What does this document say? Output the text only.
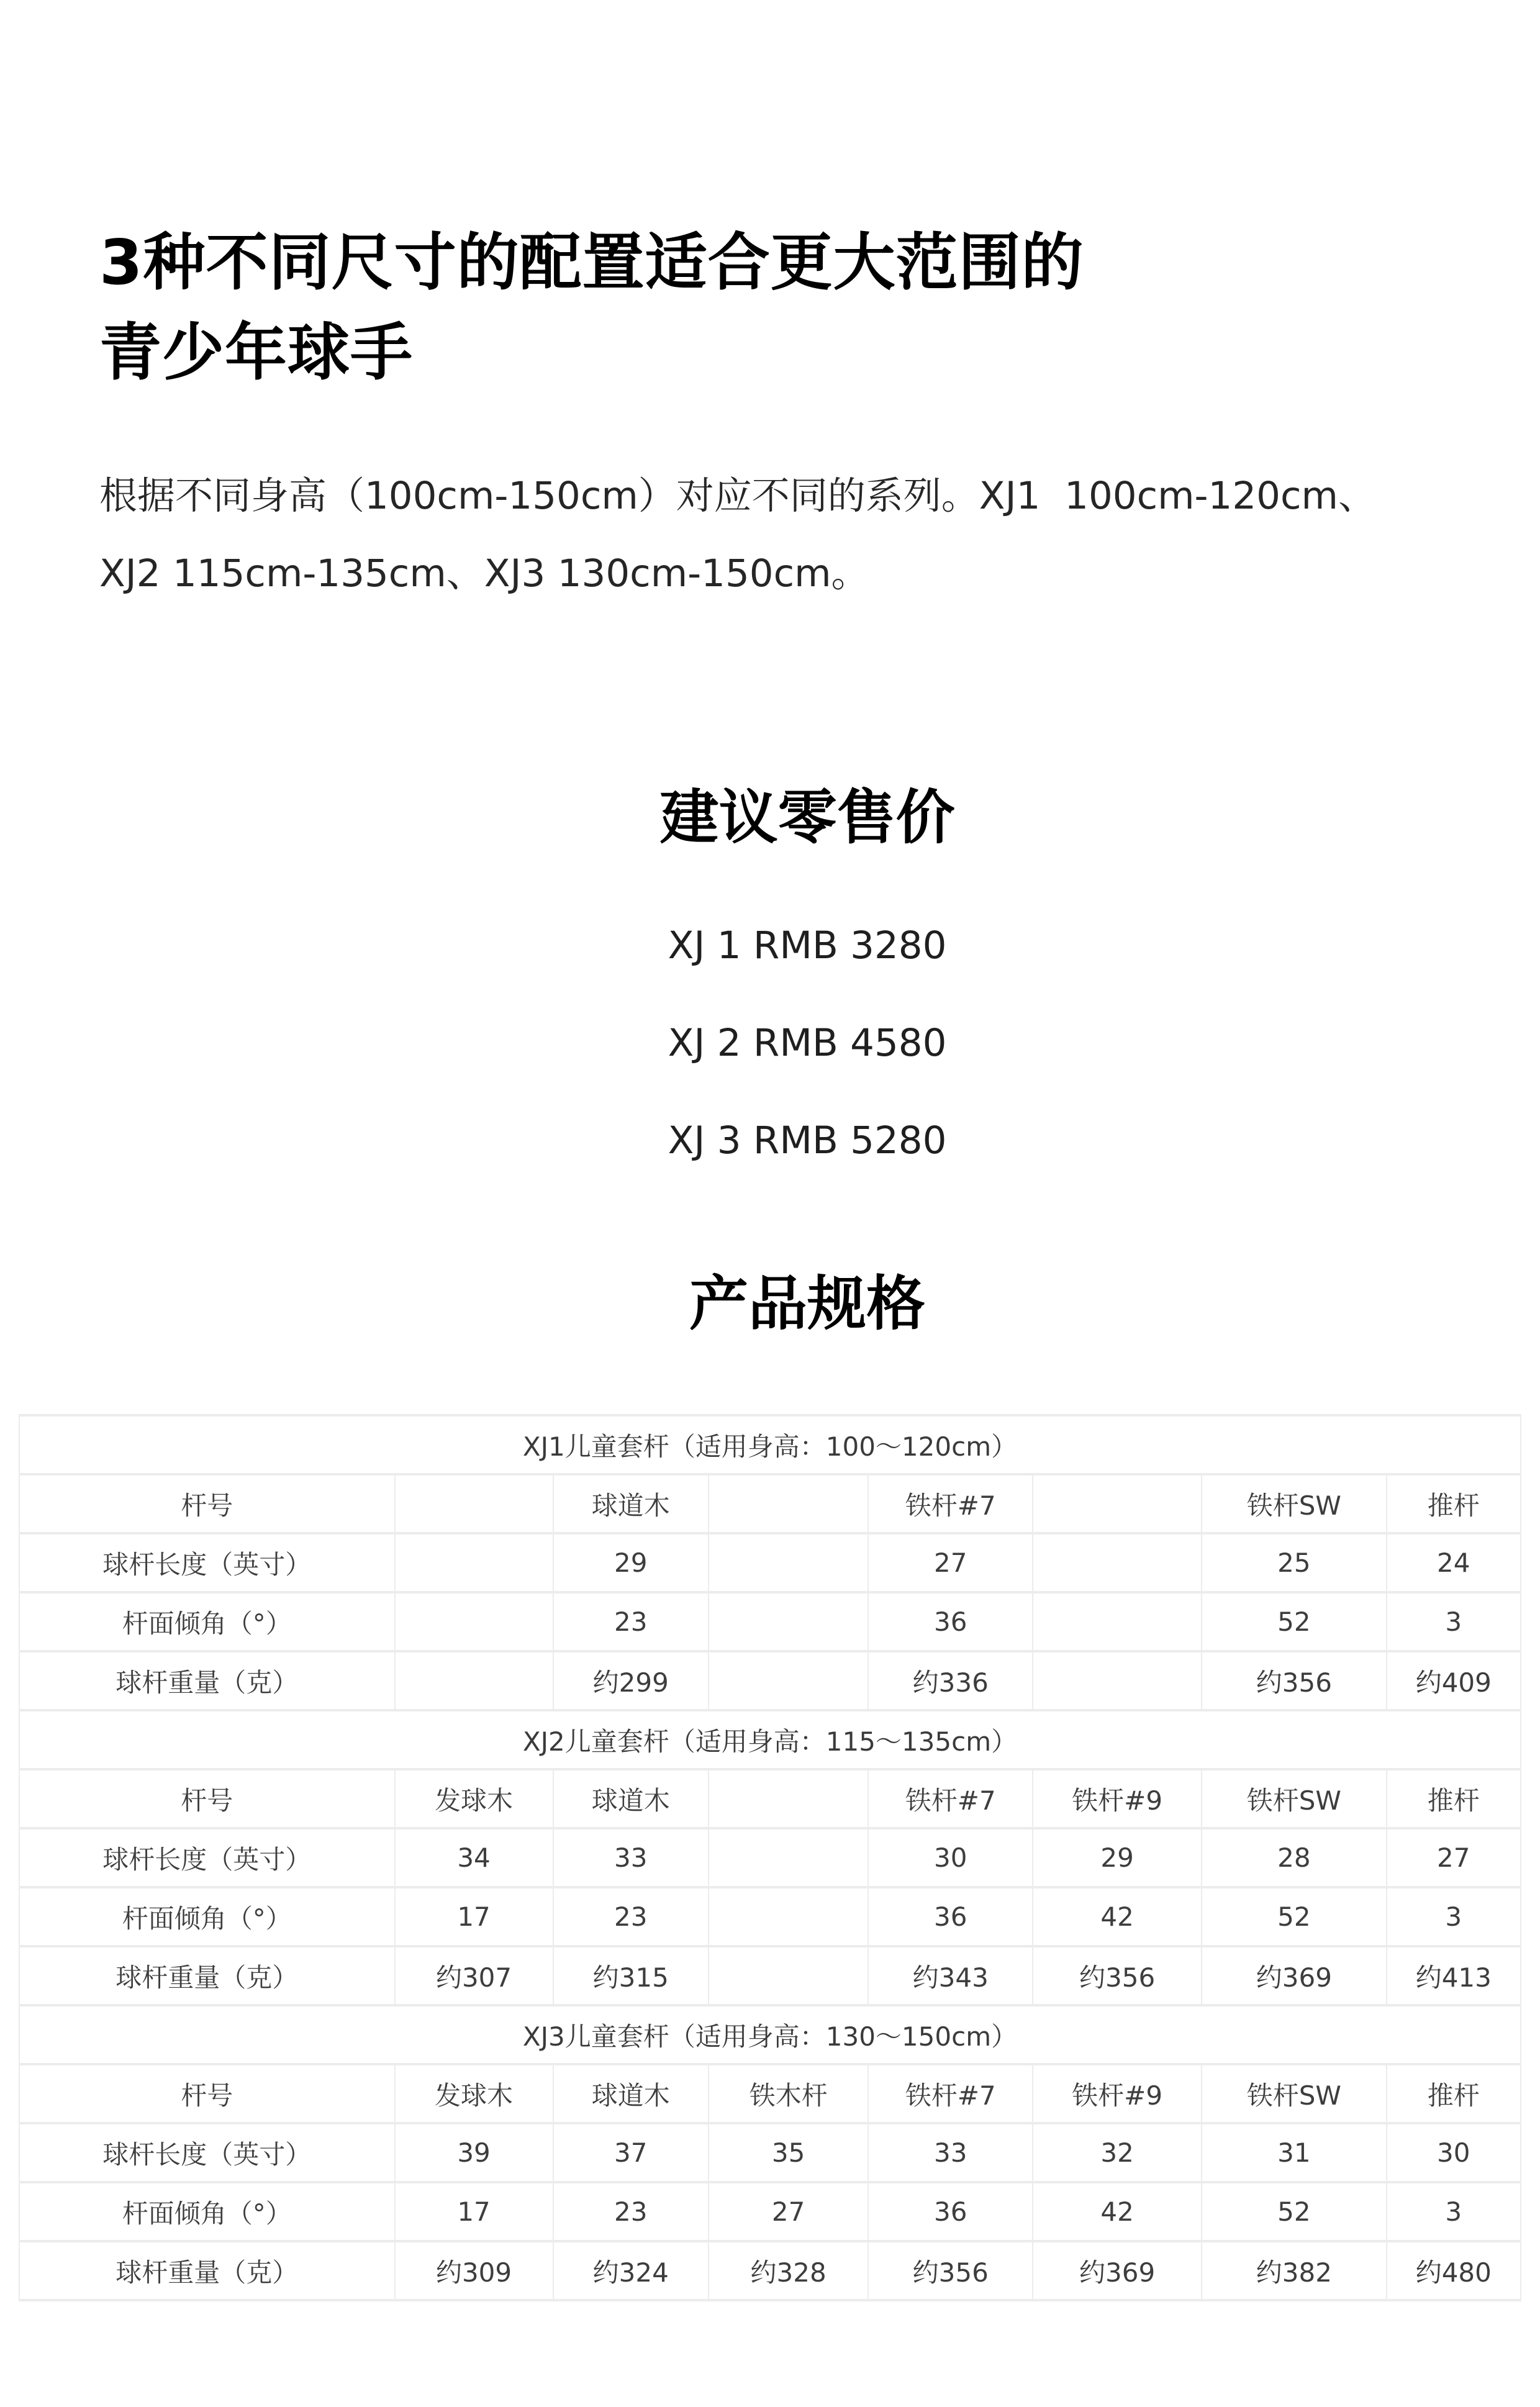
3种不同尺寸的配置适合更大范围的
青少年球手

根据不同身高（100cm-150cm）对应不同的系列。XJ1  100cm-120cm、
XJ2 115cm-135cm、XJ3 130cm-150cm。

建议零售价
XJ 1 RMB 3280
XJ 2 RMB 4580
XJ 3 RMB 5280
产品规格
XJ1儿童套杆（适用身高：100～120cm）							
杆号		球道木		铁杆#7		铁杆SW	推杆
球杆长度（英寸）		29		27		25	24
杆面倾角（°）		23		36		52	3
球杆重量（克）		约299		约336		约356	约409
XJ2儿童套杆（适用身高：115～135cm）							
杆号	发球木	球道木		铁杆#7	铁杆#9	铁杆SW	推杆
球杆长度（英寸）	34	33		30	29	28	27
杆面倾角（°）	17	23		36	42	52	3
球杆重量（克）	约307	约315		约343	约356	约369	约413
XJ3儿童套杆（适用身高：130～150cm）							
杆号	发球木	球道木	铁木杆	铁杆#7	铁杆#9	铁杆SW	推杆
球杆长度（英寸）	39	37	35	33	32	31	30
杆面倾角（°）	17	23	27	36	42	52	3
球杆重量（克）	约309	约324	约328	约356	约369	约382	约480
